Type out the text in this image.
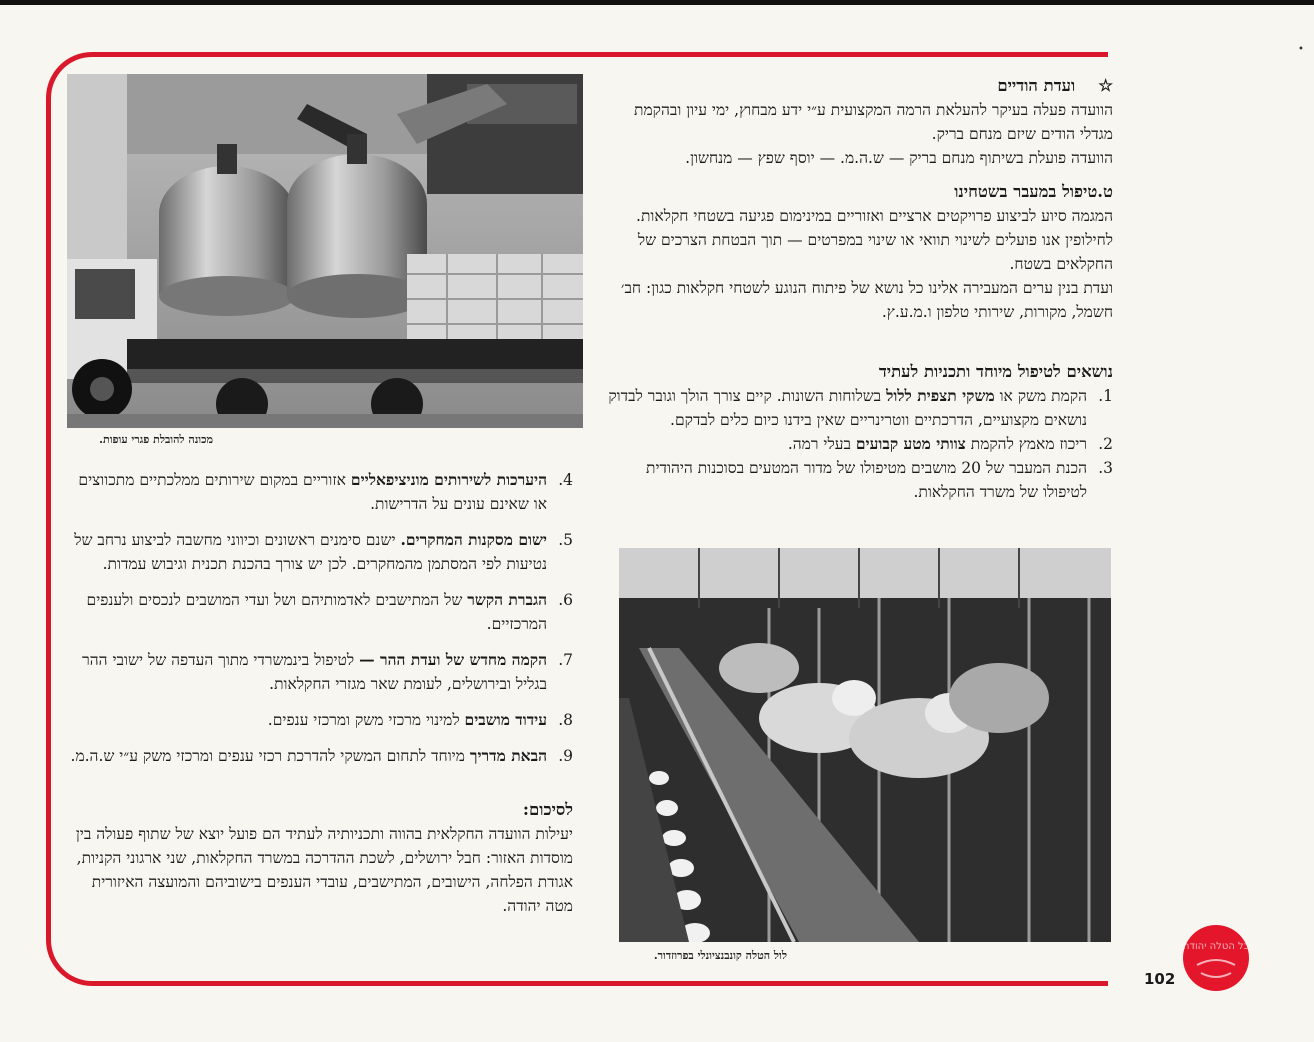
•
☆    ועדת הודיים

הוועדה פעלה בעיקר להעלאת הרמה המקצועית ע״י ידע מבחוץ, ימי עיון ובהקמת מגדלי הודים שיזם מנחם בריק.

הוועדה פועלת בשיתוף מנחם בריק — ש.ה.מ. — יוסף שפץ — מנחשון.

ט.טיפול במעבר בשטחינו

המגמה סיוע לביצוע פרויקטים ארציים ואזוריים במינימום פגיעה בשטחי חקלאות. לחילופין אנו פועלים לשינוי תוואי או שינוי במפרטים — תוך הבטחת הצרכים של החקלאים בשטח.

ועדת בנין ערים המעבירה אלינו כל נושא של פיתוח הנוגע לשטחי חקלאות כגון: חב׳ חשמל, מקורות, שירותי טלפון ו.מ.ע.ץ.

נושאים לטיפול מיוחד ותכניות לעתיד
1.
הקמת משק או משקי תצפית ללול בשלוחות השונות. קיים צורך הולך וגובר לבדוק נושאים מקצועיים, הדרכתיים ווטרינריים שאין בידנו כיום כלים לבדקם.
2.
ריכוז מאמץ להקמת צוותי מטע קבועים בעלי רמה.
3.
הכנת המעבר של 20 מושבים מטיפולו של מדור המטעים בסוכנות היהודית לטיפולו של משרד החקלאות.
4.
היערכות לשירותים מוניציפאליים אזוריים במקום שירותים ממלכתיים מתכווצים או שאינם עונים על הדרישות.
5.
ישום מסקנות המחקרים. ישנם סימנים ראשונים וכיווני מחשבה לביצוע נרחב של נטיעות לפי המסתמן מהמחקרים. לכן יש צורך בהכנת תכנית וגיבוש עמדות.
6.
הגברת הקשר של המתישבים לאדמותיהם ושל ועדי המושבים לנכסים ולענפים המרכזיים.
7.
הקמה מחדש של ועדת ההר — לטיפול בינמשרדי מתוך העדפה של ישובי ההר בגליל ובירושלים, לעומת שאר מגזרי החקלאות.
8.
עידוד מושבים למינוי מרכזי משק ומרכזי ענפים.
9.
הבאת מדריך מיוחד לתחום המשקי להדרכת רכזי ענפים ומרכזי משק ע״י ש.ה.מ.
לסיכום:

יעילות הוועדה החקלאית בהווה ותכניותיה לעתיד הם פועל יוצא של שתוף פעולה בין מוסדות האזור: חבל ירושלים, לשכת ההדרכה במשרד החקלאות, שני ארגוני הקניות, אגודת הפלחה, הישובים, המתישבים, עובדי הענפים בישוביהם והמועצה האיזורית מטה יהודה.

מכונה להובלת פגרי עופות.
לול הטלה קונבנציונלי בפרוזדור.
כל הטלה יהודה
102
